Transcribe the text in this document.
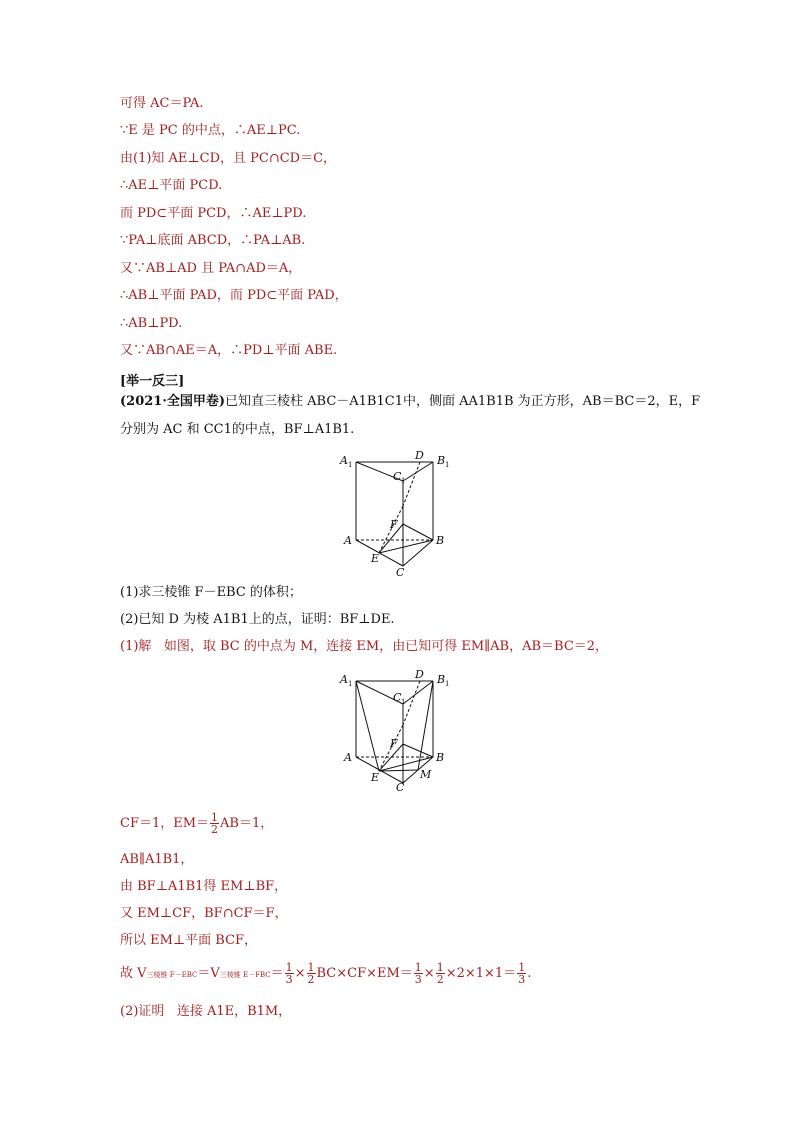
可得 AC＝PA.
∵E 是 PC 的中点，∴AE⊥PC.
由(1)知 AE⊥CD，且 PC∩CD＝C，
∴AE⊥平面 PCD.
而 PD⊂平面 PCD，∴AE⊥PD.
∵PA⊥底面 ABCD，∴PA⊥AB.
又∵AB⊥AD 且 PA∩AD＝A，
∴AB⊥平面 PAD，而 PD⊂平面 PAD，
∴AB⊥PD.
又∵AB∩AE＝A，∴PD⊥平面 ABE.
[举一反三]
(2021·全国甲卷)已知直三棱柱 ABC－A1B1C1中，侧面 AA1B1B 为正方形，AB＝BC＝2，E，F
分别为 AC 和 CC1的中点，BF⊥A1B1.
A 1
D B 1
C 1
F
A	B
E
C
(1)求三棱锥 F－EBC 的体积；
(2)已知 D 为棱 A1B1上的点，证明：BF⊥DE.
(1)解 如图，取 BC 的中点为 M，连接 EM，由已知可得 EM∥AB，AB＝BC＝2，
A 1
D B 1
C 1
F
A	B
E	M
C
CF＝1，$EM= \frac{1}{2} AB=1$，
AB∥A1B1，
由 BF⊥A1B1得 EM⊥BF，
又 EM⊥CF，BF∩CF＝F，
所以 EM⊥平面 BCF，
故 V三棱锥 F－EBC＝V三棱锥 $E-FBC= \frac{1}{3} \times \frac{1}{2} BC\times CF\times EM= \frac{1}{3} \times \frac{1}{2} \times 2\times 1\times 1= \frac{1}{3}$ .
(2)证明 连接 A1E，B1M，
